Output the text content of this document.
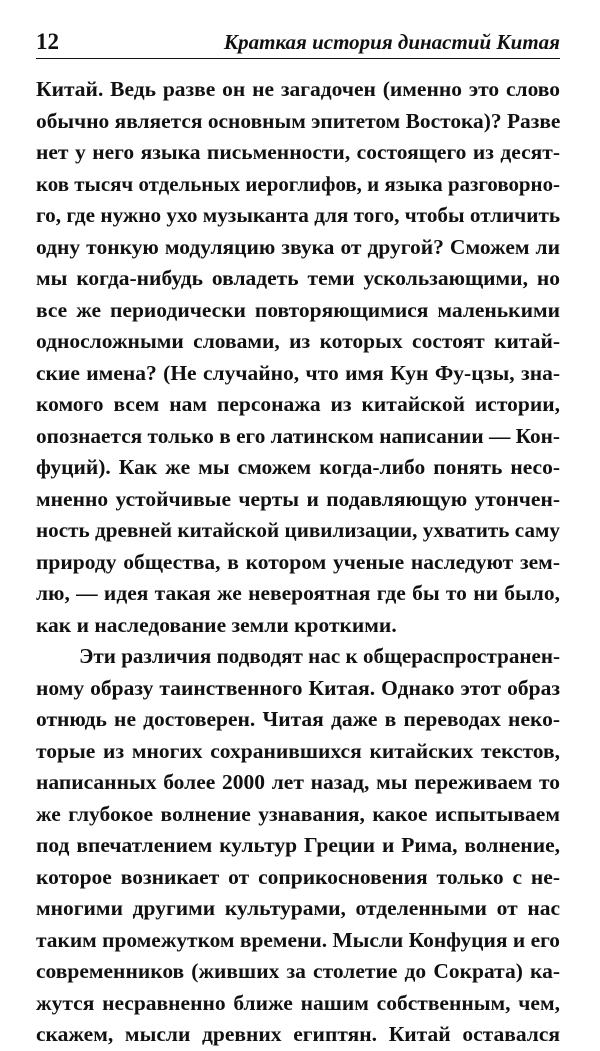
12	Краткая история династий Китая
Китай. Ведь разве он не загадочен (именно это слово
обычно является основным эпитетом Востока)? Разве
нет у него языка письменности, состоящего из десят-
ков тысяч отдельных иероглифов, и языка разговорно-
го, где нужно ухо музыканта для того, чтобы отличить
одну тонкую модуляцию звука от другой? Сможем ли
мы когда-нибудь овладеть теми ускользающими, но
все же периодически повторяющимися маленькими
односложными словами, из которых состоят китай-
ские имена? (Не случайно, что имя Кун Фу-цзы, зна-
комого всем нам персонажа из китайской истории,
опознается только в его латинском написании — Кон-
фуций). Как же мы сможем когда-либо понять несо-
мненно устойчивые черты и подавляющую утончен-
ность древней китайской цивилизации, ухватить саму
природу общества, в котором ученые наследуют зем-
лю, — идея такая же невероятная где бы то ни было,
как и наследование земли кроткими.
Эти различия подводят нас к общераспространен-
ному образу таинственного Китая. Однако этот образ
отнюдь не достоверен. Читая даже в переводах неко-
торые из многих сохранившихся китайских текстов,
написанных более 2000 лет назад, мы переживаем то
же глубокое волнение узнавания, какое испытываем
под впечатлением культур Греции и Рима, волнение,
которое возникает от соприкосновения только с не-
многими другими культурами, отделенными от нас
таким промежутком времени. Мысли Конфуция и его
современников (живших за столетие до Сократа) ка-
жутся несравненно ближе нашим собственным, чем,
скажем, мысли древних египтян. Китай оставался
